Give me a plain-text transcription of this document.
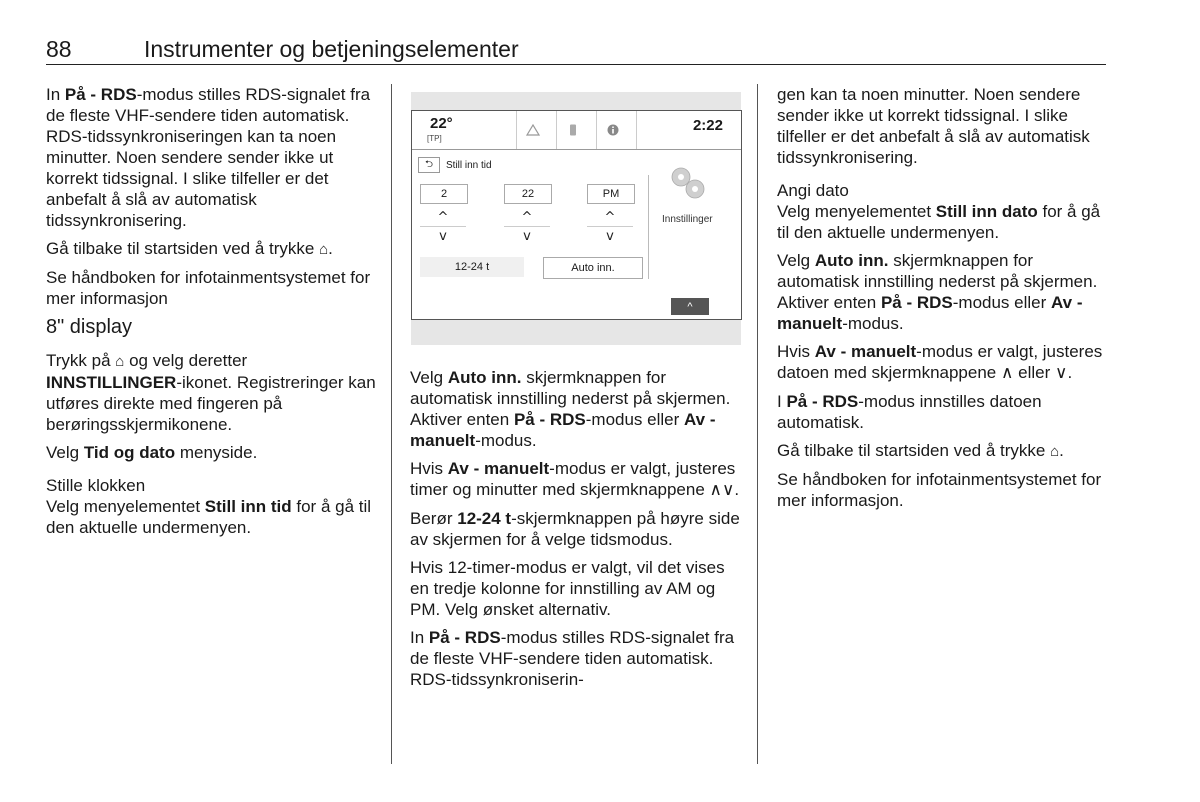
88	Instrumenter og betjeningselementer

In På - RDS-modus stilles RDS-signalet fra de fleste VHF-sendere tiden automatisk. RDS-tidssynkroniseringen kan ta noen minutter. Noen sendere sender ikke ut korrekt tidssignal. I slike tilfeller er det anbefalt å slå av automatisk tidssynkronisering.

Gå tilbake til startsiden ved å trykke ⌂.

Se håndboken for infotainmentsystemet for mer informasjon

8" display

Trykk på ⌂ og velg deretter INNSTILLINGER-ikonet. Registreringer kan utføres direkte med fingeren på berøringsskjermikonene.

Velg Tid og dato menyside.

Stille klokken

Velg menyelementet Still inn tid for å gå til den aktuelle undermenyen.

22°
[TP]
2:22
⮌	Still inn tid
2
^
v
22
^
v
PM
^
v
12-24 t	Auto inn.
Innstillinger
^

Velg Auto inn. skjermknappen for automatisk innstilling nederst på skjermen. Aktiver enten På - RDS-modus eller Av - manuelt-modus.

Hvis Av - manuelt-modus er valgt, justeres timer og minutter med skjermknappene ∧∨.

Berør 12-24 t-skjermknappen på høyre side av skjermen for å velge tidsmodus.

Hvis 12-timer-modus er valgt, vil det vises en tredje kolonne for innstilling av AM og PM. Velg ønsket alternativ.

In På - RDS-modus stilles RDS-signalet fra de fleste VHF-sendere tiden automatisk. RDS-tidssynkroniserin-

gen kan ta noen minutter. Noen sendere sender ikke ut korrekt tidssignal. I slike tilfeller er det anbefalt å slå av automatisk tidssynkronisering.

Angi dato

Velg menyelementet Still inn dato for å gå til den aktuelle undermenyen.

Velg Auto inn. skjermknappen for automatisk innstilling nederst på skjermen. Aktiver enten På - RDS-modus eller Av - manuelt-modus.

Hvis Av - manuelt-modus er valgt, justeres datoen med skjermknappene ∧ eller ∨.

I På - RDS-modus innstilles datoen automatisk.

Gå tilbake til startsiden ved å trykke ⌂.

Se håndboken for infotainmentsystemet for mer informasjon.
